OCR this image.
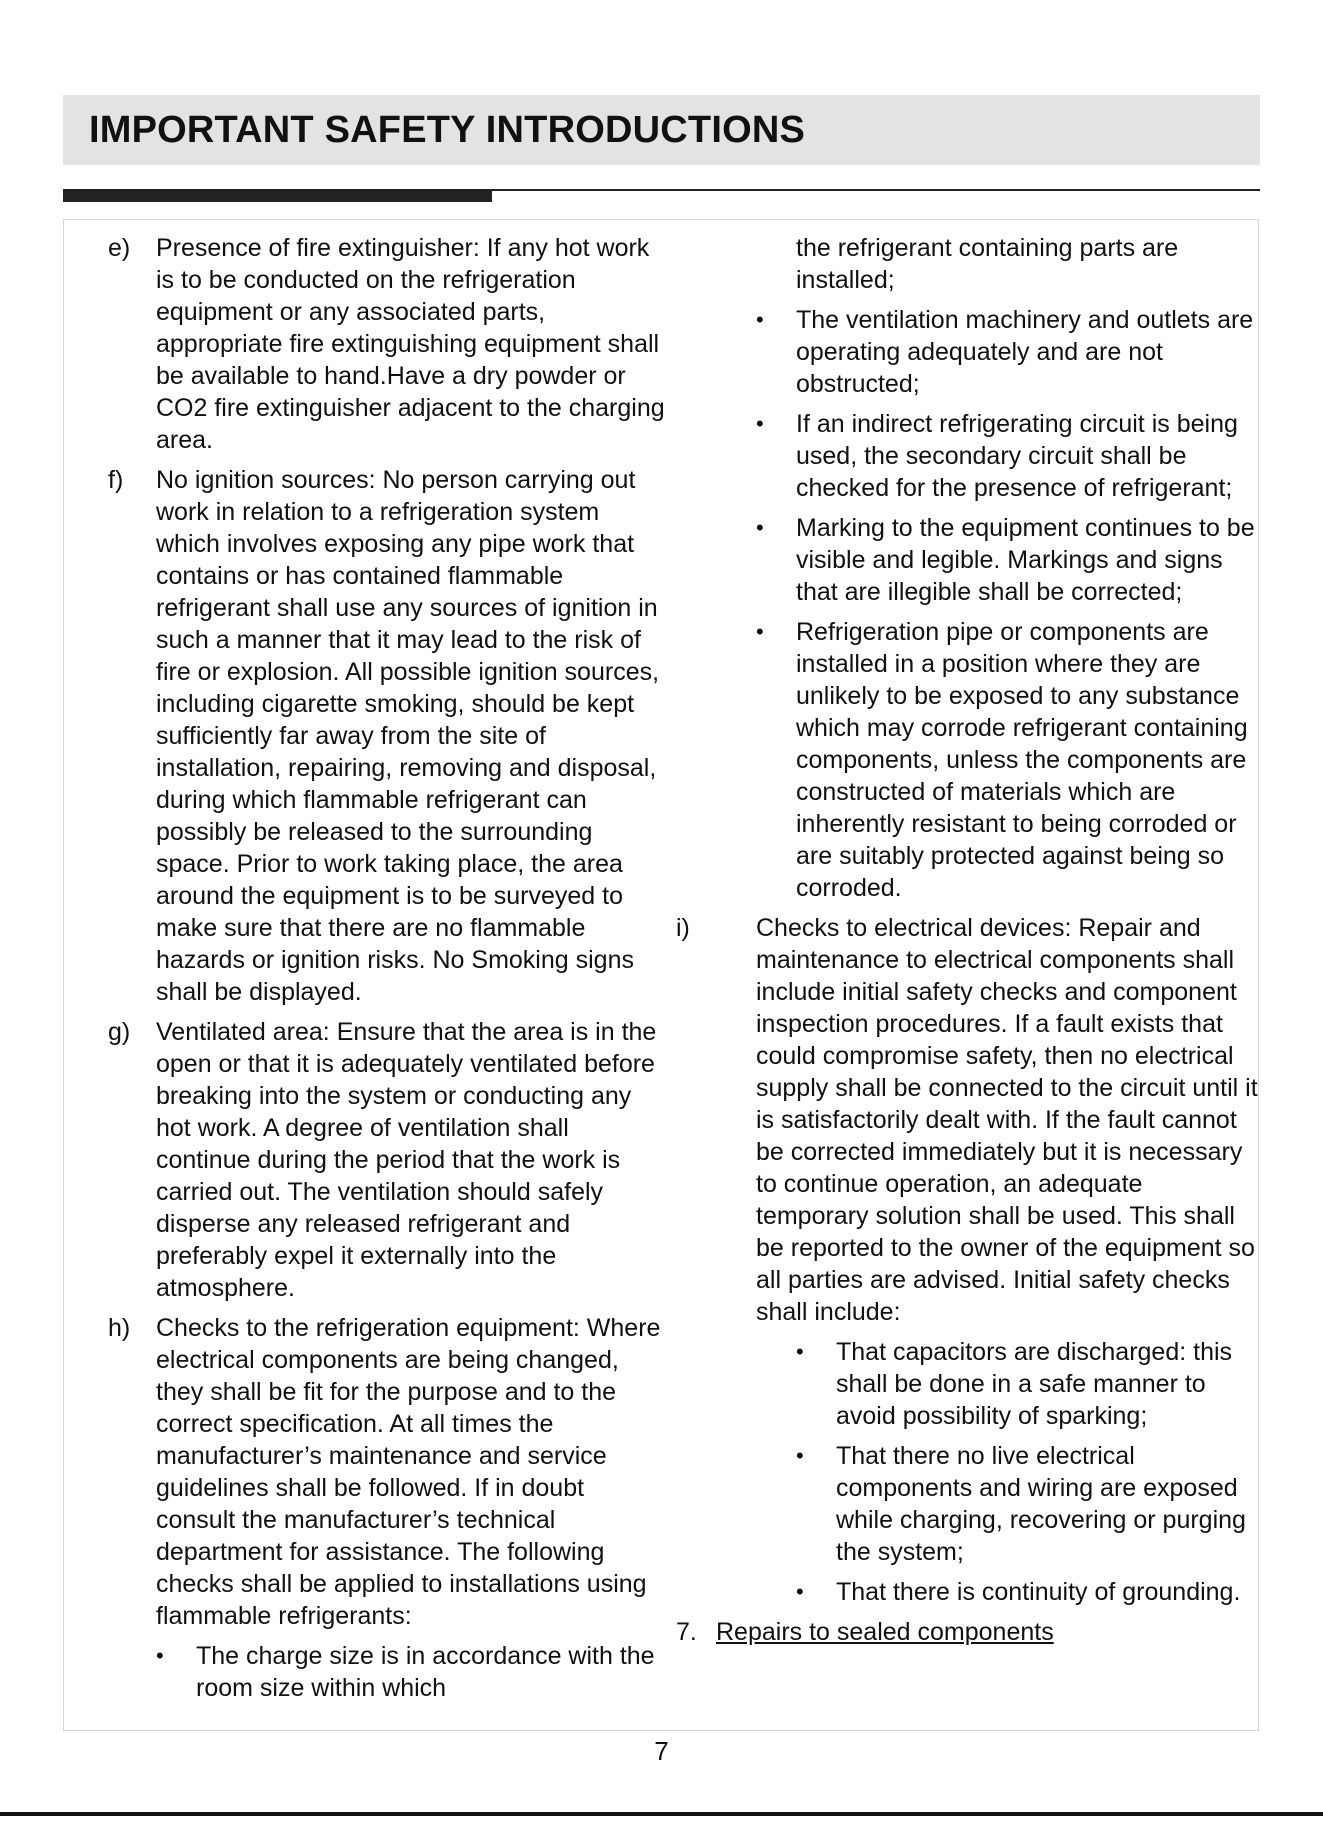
IMPORTANT SAFETY INTRODUCTIONS
e) Presence of fire extinguisher: If any hot work is to be conducted on the refrigeration equipment or any associated parts, appropriate fire extinguishing equipment shall be available to hand.Have a dry powder or CO2 fire extinguisher adjacent to the charging area.
f) No ignition sources: No person carrying out work in relation to a refrigeration system which involves exposing any pipe work that contains or has contained flammable refrigerant shall use any sources of ignition in such a manner that it may lead to the risk of fire or explosion. All possible ignition sources, including cigarette smoking, should be kept sufficiently far away from the site of installation, repairing, removing and disposal, during which flammable refrigerant can possibly be released to the surrounding space. Prior to work taking place, the area around the equipment is to be surveyed to make sure that there are no flammable hazards or ignition risks. No Smoking signs shall be displayed.
g) Ventilated area: Ensure that the area is in the open or that it is adequately ventilated before breaking into the system or conducting any hot work. A degree of ventilation shall continue during the period that the work is carried out. The ventilation should safely disperse any released refrigerant and preferably expel it externally into the atmosphere.
h) Checks to the refrigeration equipment: Where electrical components are being changed, they shall be fit for the purpose and to the correct specification. At all times the manufacturer’s maintenance and service guidelines shall be followed. If in doubt consult the manufacturer’s technical department for assistance. The following checks shall be applied to installations using flammable refrigerants:
• The charge size is in accordance with the room size within which
the refrigerant containing parts are installed;
• The ventilation machinery and outlets are operating adequately and are not obstructed;
• If an indirect refrigerating circuit is being used, the secondary circuit shall be checked for the presence of refrigerant;
• Marking to the equipment continues to be visible and legible. Markings and signs that are illegible shall be corrected;
• Refrigeration pipe or components are installed in a position where they are unlikely to be exposed to any substance which may corrode refrigerant containing components, unless the components are constructed of materials which are inherently resistant to being corroded or are suitably protected against being so corroded.
i)	Checks to electrical devices: Repair and maintenance to electrical components shall include initial safety checks and component inspection procedures. If a fault exists that could compromise safety, then no electrical supply shall be connected to the circuit until it is satisfactorily dealt with. If the fault cannot be corrected immediately but it is necessary to continue operation, an adequate temporary solution shall be used. This shall be reported to the owner of the equipment so all parties are advised. Initial safety checks shall include:
• That capacitors are discharged: this shall be done in a safe manner to avoid possibility of sparking;
• That there no live electrical components and wiring are exposed while charging, recovering or purging the system;
• That there is continuity of grounding.
7. Repairs to sealed components
7
